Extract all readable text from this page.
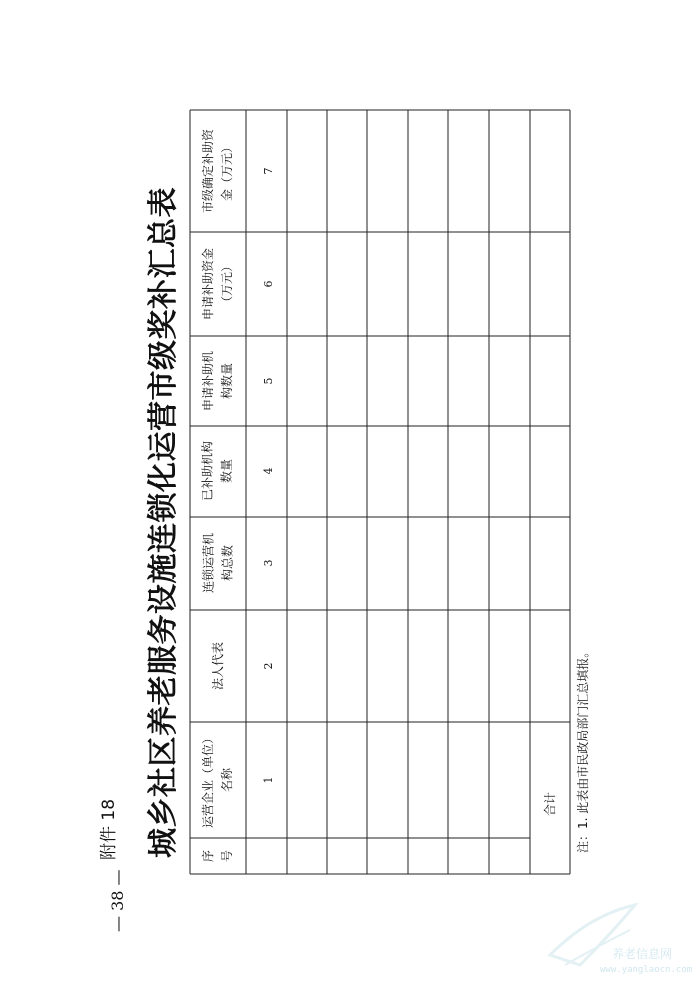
— 38 —
附件 18 城乡社区养老服务设施连锁化运营市级奖补汇总表	注：1. 此表由市民政局部门汇总填报。
序号
运营企业（单位）名称
法人代表
连锁运营机构总数
已补助机构数量
申请补助机构数量
申请补助资金（万元）
市级确定补助资金（万元）
1
2
3
4
5
6
7
合计
养老信息网
www.yanglaocn.com
